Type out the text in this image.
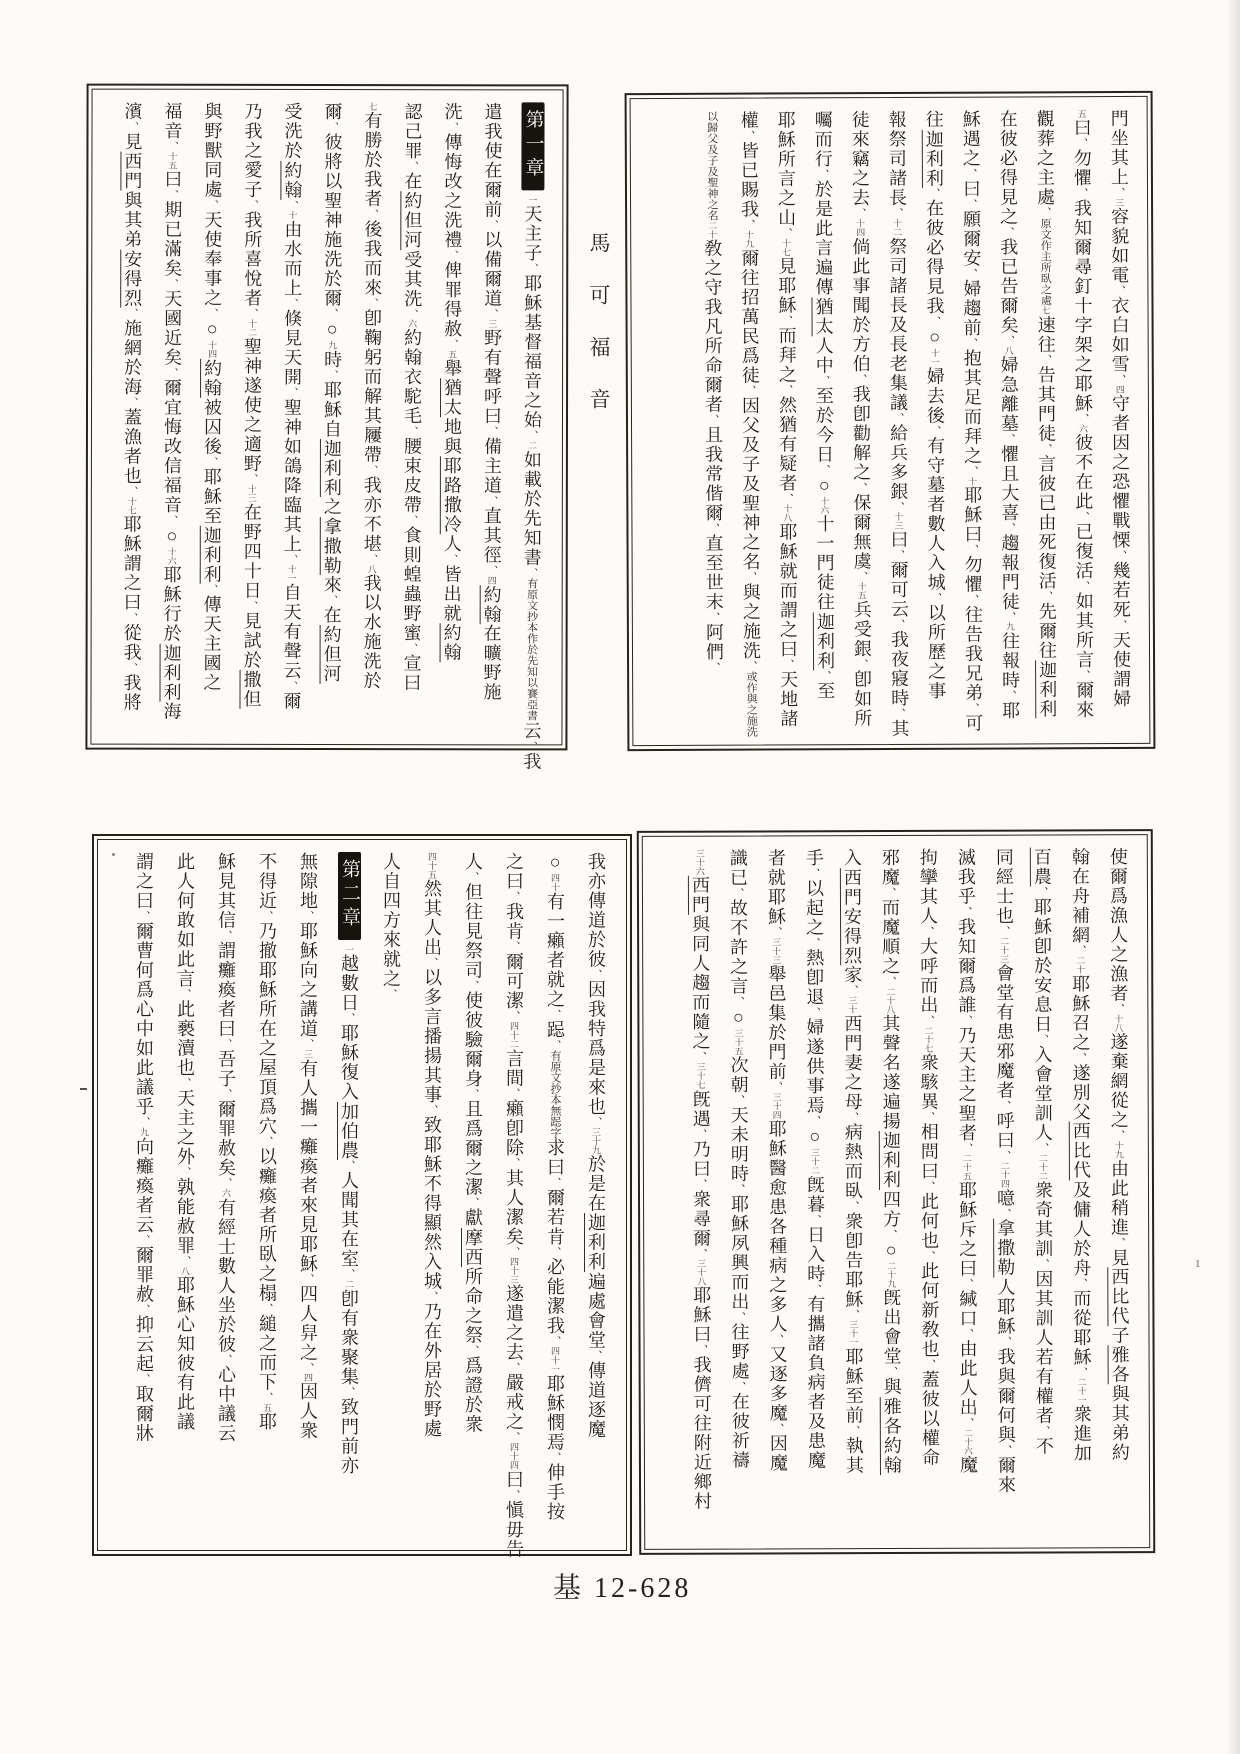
第一章一天主子、耶穌基督福音之始、二如載於先知書、有原文抄本作於先知以賽亞書云、我
遣我使在爾前、以備爾道、三野有聲呼曰、備主道、直其徑、四約翰在曠野施
洗、傳悔改之洗禮、俾罪得赦、五舉猶太地與耶路撒冷人、皆出就約翰
認己罪、在約但河受其洗、六約翰衣駝毛、腰束皮帶、食則蝗蟲野蜜、宣曰
七有勝於我者、後我而來、卽鞠躬而解其屨帶、我亦不堪、八我以水施洗於
爾、彼將以聖神施洗於爾、○九時、耶穌自迦利利之拿撒勒來、在約但河
受洗於約翰、十由水而上、倏見天開、聖神如鴿降臨其上、十一自天有聲云、爾
乃我之愛子、我所喜悅者、十二聖神遂使之適野、十三在野四十日、見試於撒但
與野獸同處、天使奉事之、○十四約翰被囚後、耶穌至迦利利、傳天主國之
福音、十五曰、期已滿矣、天國近矣、爾宜悔改信福音、○十六耶穌行於迦利利海
濱、見西門與其弟安得烈、施網於海、蓋漁者也、十七耶穌謂之曰、從我、我將
門坐其上、三容貌如電、衣白如雪、四守者因之恐懼戰慄、幾若死、天使謂婦
五曰、勿懼、我知爾尋釘十字架之耶穌、六彼不在此、已復活、如其所言、爾來
觀葬之主處、原文作主所臥之處七速往、告其門徒、言彼已由死復活、先爾往迦利利
在彼必得見之、我已告爾矣、八婦急離墓、懼且大喜、趨報門徒、九往報時、耶
穌遇之、曰、願爾安、婦趨前、抱其足而拜之、十耶穌曰、勿懼、往告我兄弟、可
往迦利利、在彼必得見我、○十一婦去後、有守墓者數人入城、以所歷之事
報祭司諸長、十二祭司諸長及長老集議、給兵多銀、十三曰、爾可云、我夜寢時、其
徒來竊之去、十四倘此事聞於方伯、我卽勸解之、保爾無虞、十五兵受銀、卽如所
囑而行、於是此言遍傳猶太人中、至於今日、○十六十一門徒往迦利利、至
耶穌所言之山、十七見耶穌、而拜之、然猶有疑者、十八耶穌就而謂之曰、天地諸
權、皆已賜我、十九爾往招萬民爲徒、因父及子及聖神之名、與之施洗、或作與之施洗
以歸父及子及聖神之名二十敎之守我凡所命爾者、且我常偕爾、直至世末、阿們、
我亦傳道於彼、因我特爲是來也、三十九於是在迦利利遍處會堂、傳道逐魔
○四十有一癩者就之、跽、有原文抄本無跽字求曰、爾若肯、必能潔我、四十一耶穌憫焉、伸手按
之曰、我肯、爾可潔、四十二言間、癩卽除、其人潔矣、四十三遂遣之去、嚴戒之、四十四曰、愼毋告
人、但往見祭司、使彼驗爾身、且爲爾之潔、獻摩西所命之祭、爲證於衆
四十五然其人出、以多言播揚其事、致耶穌不得顯然入城、乃在外居於野處
人自四方來就之、
第二章一越數日、耶穌復入加伯農、人聞其在室、二卽有衆聚集、致門前亦
無隙地、耶穌向之講道、三有人攜一癱瘓者來見耶穌、四人舁之、四因人衆
不得近、乃撤耶穌所在之屋頂爲穴、以癱瘓者所臥之榻、縋之而下、五耶
穌見其信、謂癱瘓者曰、吾子、爾罪赦矣、六有經士數人坐於彼、心中議云
此人何敢如此言、此褻瀆也、天主之外、孰能赦罪、八耶穌心知彼有此議
謂之曰、爾曹何爲心中如此議乎、九向癱瘓者云、爾罪赦、抑云起、取爾牀
使爾爲漁人之漁者、十八遂棄網從之、十九由此稍進、見西比代子雅各與其弟約
翰在舟補網、二十耶穌召之、遂別父西比代及傭人於舟、而從耶穌、二十一衆進加
百農、耶穌卽於安息日、入會堂訓人、二十二衆奇其訓、因其訓人若有權者、不
同經士也、二十三會堂有患邪魔者、呼曰、二十四噫、拿撒勒人耶穌、我與爾何與、爾來
滅我乎、我知爾爲誰、乃天主之聖者、二十五耶穌斥之曰、緘口、由此人出、二十六魔
拘攣其人、大呼而出、二十七衆駭異、相問曰、此何也、此何新敎也、蓋彼以權命
邪魔、而魔順之、二十八其聲名遂遍揚迦利利四方、○二十九旣出會堂、與雅各約翰
入西門安得烈家、三十西門妻之母、病熱而臥、衆卽告耶穌、三十一耶穌至前、執其
手、以起之、熱卽退、婦遂供事焉、○三十二旣暮、日入時、有攜諸負病者及患魔
者就耶穌、三十三舉邑集於門前、三十四耶穌醫愈患各種病之多人、又逐多魔、因魔
識已、故不許之言、○三十五次朝、天未明時、耶穌夙興而出、往野處、在彼祈禱
三十六西門與同人趨而隨之、三十七旣遇、乃曰、衆尋爾、三十八耶穌曰、我儕可往附近鄉村
馬可福音
基 12-628
1
